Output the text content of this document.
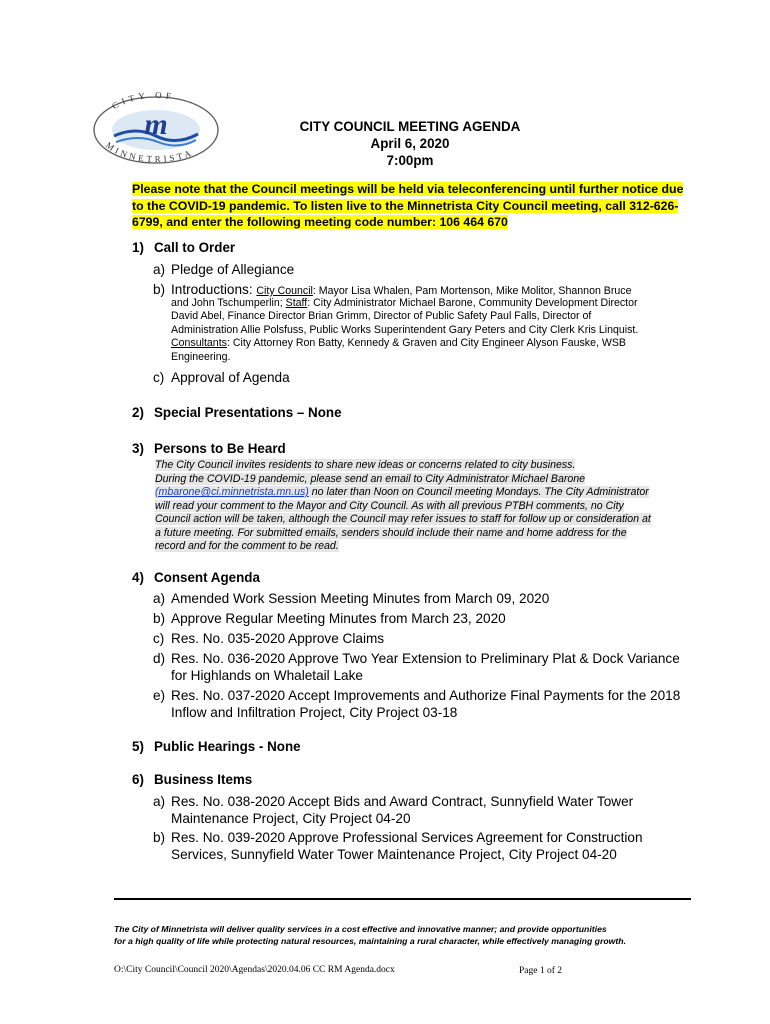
m
CITY OF
MINNETRISTA
CITY COUNCIL MEETING AGENDA
April 6, 2020
7:00pm
Please note that the Council meetings will be held via teleconferencing until further notice due
to the COVID-19 pandemic. To listen live to the Minnetrista City Council meeting, call 312-626-
6799, and enter the following meeting code number: 106 464 670
1) Call to Order
a) Pledge of Allegiance
b) Introductions: City Council: Mayor Lisa Whalen, Pam Mortenson, Mike Molitor, Shannon Bruce
and John Tschumperlin; Staff: City Administrator Michael Barone, Community Development Director
David Abel, Finance Director Brian Grimm, Director of Public Safety Paul Falls, Director of
Administration Allie Polsfuss, Public Works Superintendent Gary Peters and City Clerk Kris Linquist.
Consultants: City Attorney Ron Batty, Kennedy & Graven and City Engineer Alyson Fauske, WSB
Engineering.
c) Approval of Agenda
2) Special Presentations – None
3) Persons to Be Heard
The City Council invites residents to share new ideas or concerns related to city business.
During the COVID-19 pandemic, please send an email to City Administrator Michael Barone
(mbarone@ci.minnetrista.mn.us) no later than Noon on Council meeting Mondays. The City Administrator
will read your comment to the Mayor and City Council. As with all previous PTBH comments, no City
Council action will be taken, although the Council may refer issues to staff for follow up or consideration at
a future meeting. For submitted emails, senders should include their name and home address for the
record and for the comment to be read.
4) Consent Agenda
a) Amended Work Session Meeting Minutes from March 09, 2020
b) Approve Regular Meeting Minutes from March 23, 2020
c) Res. No. 035-2020 Approve Claims
d) Res. No. 036-2020 Approve Two Year Extension to Preliminary Plat & Dock Variance
for Highlands on Whaletail Lake
e) Res. No. 037-2020 Accept Improvements and Authorize Final Payments for the 2018
Inflow and Infiltration Project, City Project 03-18
5) Public Hearings - None
6) Business Items
a) Res. No. 038-2020 Accept Bids and Award Contract, Sunnyfield Water Tower
Maintenance Project, City Project 04-20
b) Res. No. 039-2020 Approve Professional Services Agreement for Construction
Services, Sunnyfield Water Tower Maintenance Project, City Project 04-20
The City of Minnetrista will deliver quality services in a cost effective and innovative manner; and provide opportunities
for a high quality of life while protecting natural resources, maintaining a rural character, while effectively managing growth.
O:\City Council\Council 2020\Agendas\2020.04.06 CC RM Agenda.docx	Page 1 of 2
